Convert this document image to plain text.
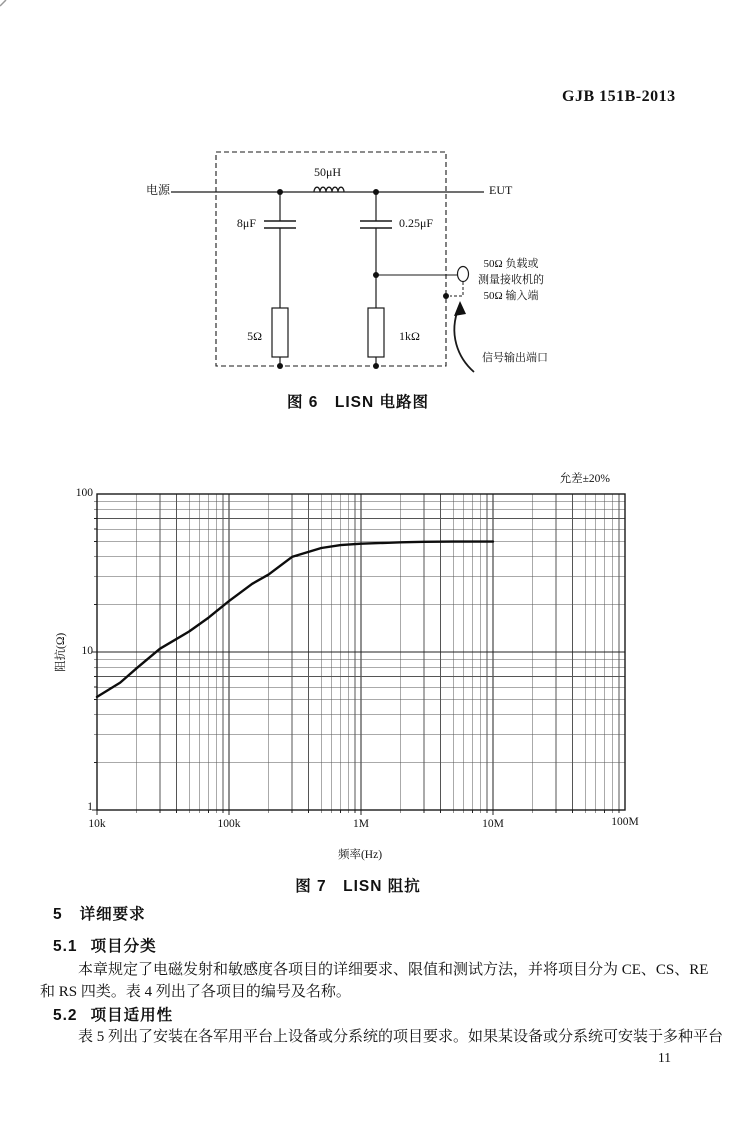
GJB 151B-2013
电源	EUT
50μH
8μF	0.25μF
5Ω	1kΩ
50Ω 负载或
测量接收机的
50Ω 输入端
信号输出端口
图 6　LISN 电路图
允差±20%
100
10
1
10k	100k	1M	10M	100M
阻抗(Ω)
频率(Hz)
图 7　LISN 阻抗
5 详细要求
5.1 项目分类
本章规定了电磁发射和敏感度各项目的详细要求、限值和测试方法，并将项目分为 CE、CS、RE
和 RS 四类。表 4 列出了各项目的编号及名称。
5.2 项目适用性
表 5 列出了安装在各军用平台上设备或分系统的项目要求。如果某设备或分系统可安装于多种平台
11
